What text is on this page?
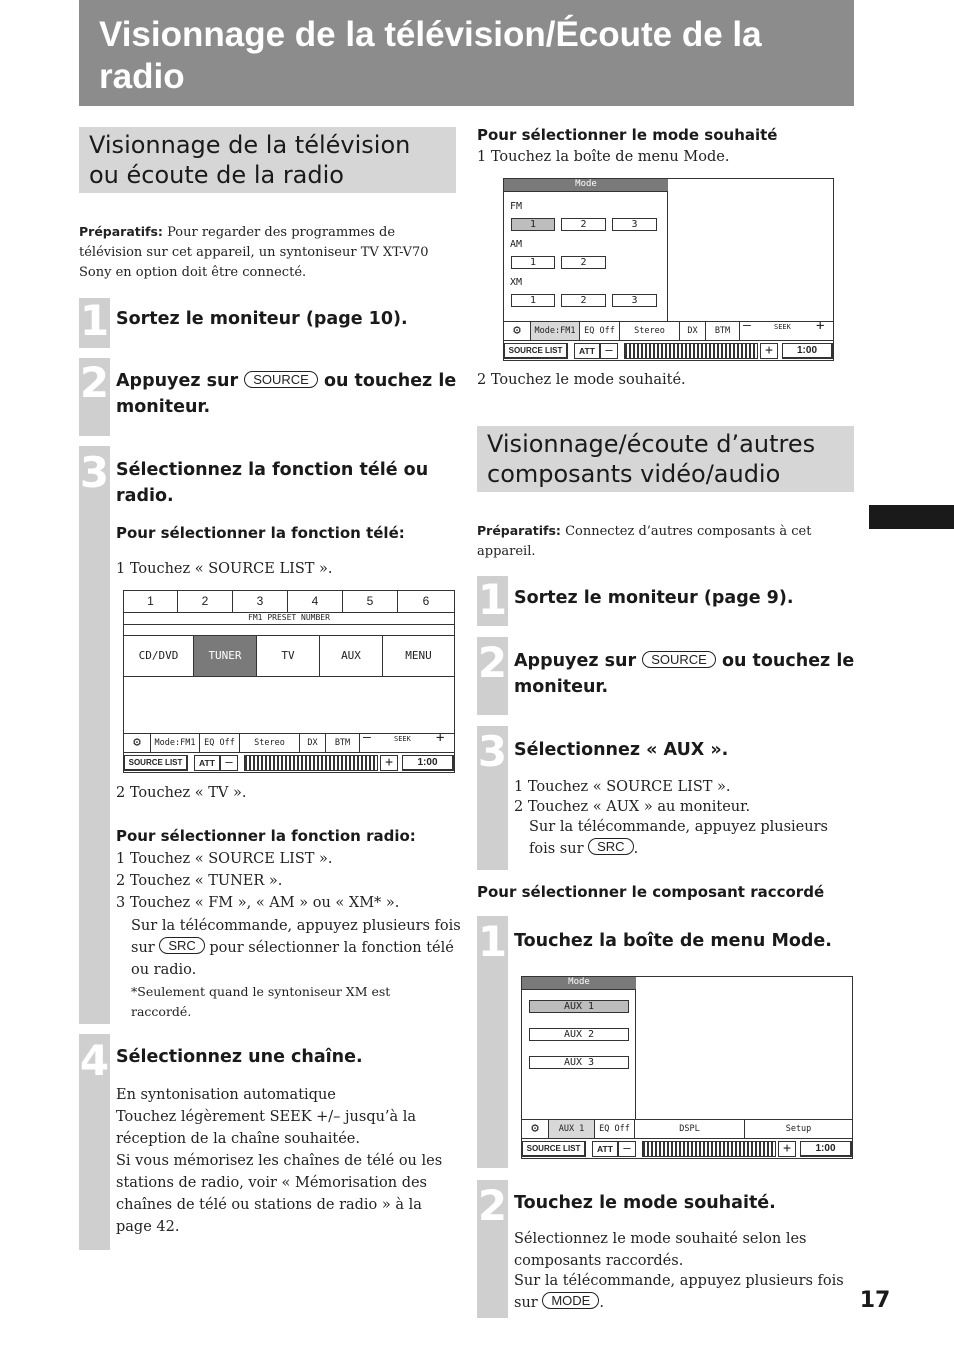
Visionnage de la télévision/Écoute de la radio
Visionnage de la télévision ou écoute de la radio
Préparatifs: Pour regarder des programmes de télévision sur cet appareil, un syntoniseur TV XT-V70 Sony en option doit être connecté.
1 Sortez le moniteur (page 10).
2 Appuyez sur SOURCE ou touchez le moniteur.
3 Sélectionnez la fonction télé ou radio.
Pour sélectionner la fonction télé:
1 Touchez « SOURCE LIST ».
1	2	3	4	5	6
FM1 PRESET NUMBER
CD/DVD	TUNER	TV	AUX	MENU
⚙	Mode:FM1	EQ Off	Stereo	DX	BTM —	SEEK +
SOURCE LIST	ATT —	+	1:00
2 Touchez « TV ».
Pour sélectionner la fonction radio:
1 Touchez « SOURCE LIST ».
2 Touchez « TUNER ».
3 Touchez « FM », « AM » ou « XM* ».
Sur la télécommande, appuyez plusieurs fois sur SRC pour sélectionner la fonction télé ou radio.
*Seulement quand le syntoniseur XM est raccordé.
4 Sélectionnez une chaîne.
En syntonisation automatique
Touchez légèrement SEEK +/– jusqu’à la réception de la chaîne souhaitée.
Si vous mémorisez les chaînes de télé ou les stations de radio, voir « Mémorisation des chaînes de télé ou stations de radio » à la page 42.
Pour sélectionner le mode souhaité
1 Touchez la boîte de menu Mode.
Mode
FM
1	2	3
AM
1	2
XM
1	2	3
⚙	Mode:FM1	EQ Off	Stereo	DX	BTM —	SEEK +
SOURCE LIST	ATT —	+	1:00
2 Touchez le mode souhaité.
Visionnage/écoute d’autres composants vidéo/audio
Préparatifs: Connectez d’autres composants à cet appareil.
1 Sortez le moniteur (page 9).
2 Appuyez sur SOURCE ou touchez le moniteur.
3 Sélectionnez « AUX ».
1 Touchez « SOURCE LIST ».
2 Touchez « AUX » au moniteur.
Sur la télécommande, appuyez plusieurs fois sur SRC .
Pour sélectionner le composant raccordé
1 Touchez la boîte de menu Mode.
Mode
AUX 1
AUX 2
AUX 3
⚙	AUX 1	EQ Off	DSPL	Setup
SOURCE LIST	ATT —	+	1:00
2 Touchez le mode souhaité.
Sélectionnez le mode souhaité selon les composants raccordés.
Sur la télécommande, appuyez plusieurs fois sur MODE .	17
